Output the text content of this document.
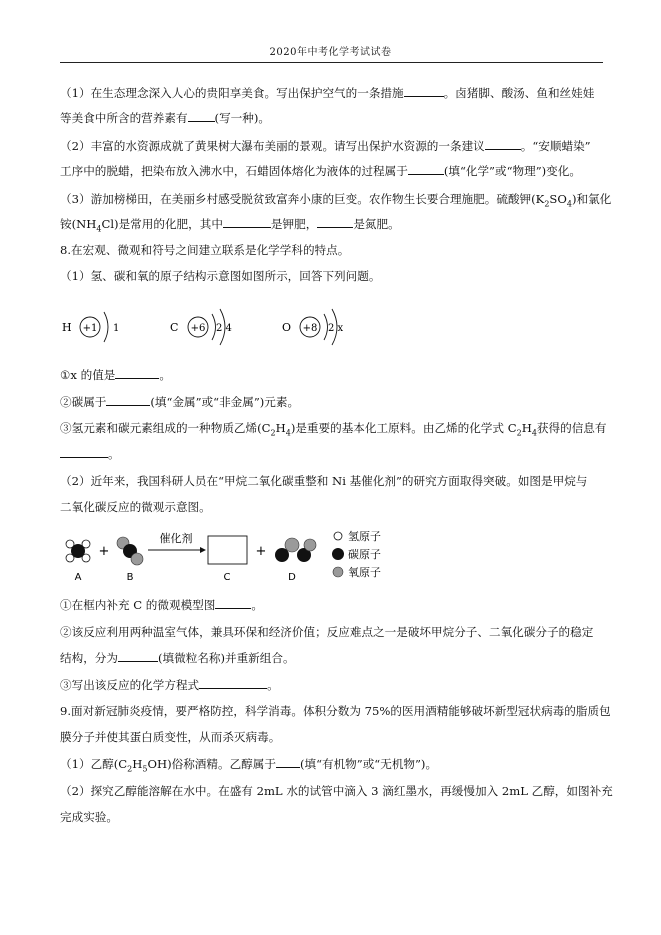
2020年中考化学考试试卷
（1）在生态理念深入人心的贵阳享美食。写出保护空气的一条措施	。卤猪脚、酸汤、鱼和丝娃娃
等美食中所含的营养素有 (写一种)。
（2）丰富的水资源成就了黄果树大瀑布美丽的景观。请写出保护水资源的一条建议	。“安顺蜡染”
工序中的脱蜡，把染布放入沸水中，石蜡固体熔化为液体的过程属于	(填“化学”或“物理”)变化。
（3）游加榜梯田，在美丽乡村感受脱贫致富奔小康的巨变。农作物生长要合理施肥。硫酸钾$(K_2SO_4)$和氯化
铵$(NH_4Cl)$是常用的化肥，其中	是钾肥，	是氮肥。
8.在宏观、微观和符号之间建立联系是化学学科的特点。
（1）氢、碳和氧的原子结构示意图如图所示，回答下列问题。
H +1 1	C +6 2 4	O +8 2 x
①x 的值是	。
②碳属于	(填“金属”或“非金属”)元素。
③氢元素和碳元素组成的一种物质乙烯$(C_2H_4)$是重要的基本化工原料。由乙烯的化学式 $C_2H_4$获得的信息有
。
（2）近年来，我国科研人员在“甲烷二氧化碳重整和 Ni 基催化剂”的研究方面取得突破。如图是甲烷与
二氧化碳反应的微观示意图。
A
+
B
催化剂
C
+
D
氢原子
碳原子
氧原子
①在框内补充 C 的微观模型图	。
②该反应利用两种温室气体，兼具环保和经济价值；反应难点之一是破坏甲烷分子、二氧化碳分子的稳定
结构，分为	(填微粒名称)并重新组合。
③写出该反应的化学方程式	。
9.面对新冠肺炎疫情，要严格防控，科学消毒。体积分数为 75%的医用酒精能够破坏新型冠状病毒的脂质包
膜分子并使其蛋白质变性，从而杀灭病毒。
（1）乙醇$(C_2H_5OH)$俗称酒精。乙醇属于 (填“有机物”或“无机物”)。
（2）探究乙醇能溶解在水中。在盛有 2mL 水的试管中滴入 3 滴红墨水，再缓慢加入 2mL 乙醇，如图补充
完成实验。
